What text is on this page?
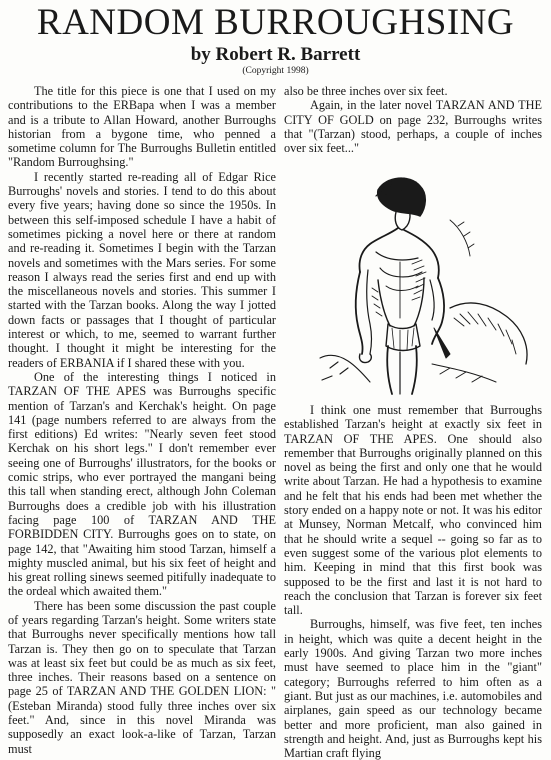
RANDOM BURROUGHSING
by Robert R. Barrett
(Copyright 1998)

The title for this piece is one that I used on my contributions to the ERBapa when I was a member and is a tribute to Allan Howard, another Burroughs historian from a bygone time, who penned a sometime column for The Burroughs Bulletin entitled "Random Burroughsing."

I recently started re-reading all of Edgar Rice Burroughs' novels and stories. I tend to do this about every five years; having done so since the 1950s. In between this self-imposed schedule I have a habit of sometimes picking a novel here or there at random and re-reading it. Sometimes I begin with the Tarzan novels and sometimes with the Mars series. For some reason I always read the series first and end up with the miscellaneous novels and stories. This summer I started with the Tarzan books. Along the way I jotted down facts or passages that I thought of particular interest or which, to me, seemed to warrant further thought. I thought it might be interesting for the readers of ERBANIA if I shared these with you.

One of the interesting things I noticed in TARZAN OF THE APES was Burroughs specific mention of Tarzan's and Kerchak's height. On page 141 (page numbers referred to are always from the first editions) Ed writes: "Nearly seven feet stood Kerchak on his short legs." I don't remember ever seeing one of Burroughs' illustrators, for the books or comic strips, who ever portrayed the mangani being this tall when standing erect, although John Coleman Burroughs does a credible job with his illustration facing page 100 of TARZAN AND THE FORBIDDEN CITY. Burroughs goes on to state, on page 142, that "Awaiting him stood Tarzan, himself a mighty muscled animal, but his six feet of height and his great rolling sinews seemed pitifully inadequate to the ordeal which awaited them."

There has been some discussion the past couple of years regarding Tarzan's height. Some writers state that Burroughs never specifically mentions how tall Tarzan is. They then go on to speculate that Tarzan was at least six feet but could be as much as six feet, three inches. Their reasons based on a sentence on page 25 of TARZAN AND THE GOLDEN LION: "(Esteban Miranda) stood fully three inches over six feet." And, since in this novel Miranda was supposedly an exact look-a-like of Tarzan, Tarzan must

also be three inches over six feet.

Again, in the later novel TARZAN AND THE CITY OF GOLD on page 232, Burroughs writes that "(Tarzan) stood, perhaps, a couple of inches over six feet..."

I think one must remember that Burroughs established Tarzan's height at exactly six feet in TARZAN OF THE APES. One should also remember that Burroughs originally planned on this novel as being the first and only one that he would write about Tarzan. He had a hypothesis to examine and he felt that his ends had been met whether the story ended on a happy note or not. It was his editor at Munsey, Norman Metcalf, who convinced him that he should write a sequel -- going so far as to even suggest some of the various plot elements to him. Keeping in mind that this first book was supposed to be the first and last it is not hard to reach the conclusion that Tarzan is forever six feet tall.

Burroughs, himself, was five feet, ten inches in height, which was quite a decent height in the early 1900s. And giving Tarzan two more inches must have seemed to place him in the "giant" category; Burroughs referred to him often as a giant. But just as our machines, i.e. automobiles and airplanes, gain speed as our technology became better and more proficient, man also gained in strength and height. And, just as Burroughs kept his Martian craft flying
